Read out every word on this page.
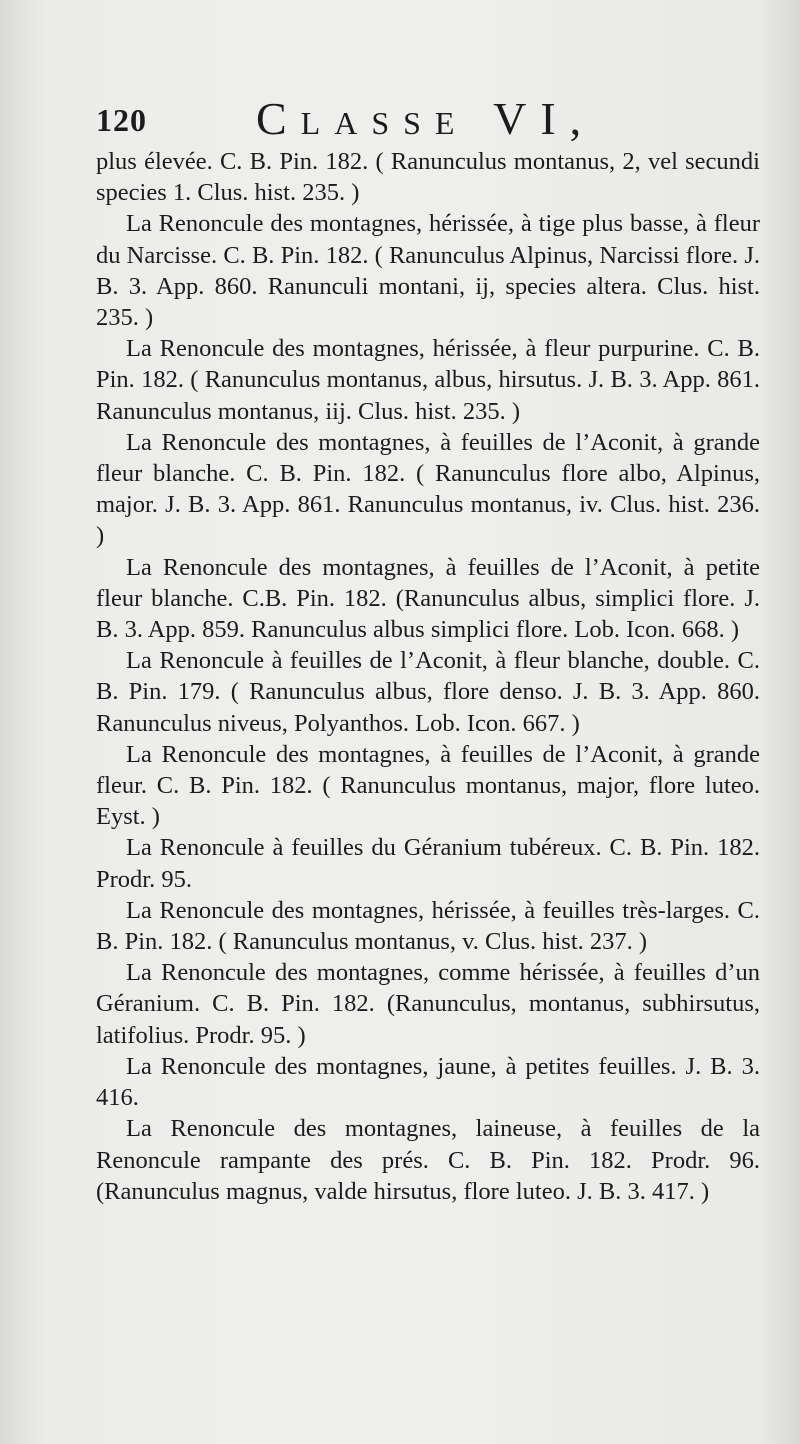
120 Classe VI,

plus élevée. C. B. Pin. 182. ( Ranunculus montanus, 2, vel secundi species 1. Clus. hist. 235. )

La Renoncule des montagnes, hérissée, à tige plus basse, à fleur du Narcisse. C. B. Pin. 182. ( Ranunculus Alpinus, Narcissi flore. J. B. 3. App. 860. Ranunculi montani, ij, species altera. Clus. hist. 235. )

La Renoncule des montagnes, hérissée, à fleur purpurine. C. B. Pin. 182. ( Ranunculus montanus, albus, hirsutus. J. B. 3. App. 861. Ranunculus montanus, iij. Clus. hist. 235. )

La Renoncule des montagnes, à feuilles de l’Aconit, à grande fleur blanche. C. B. Pin. 182. ( Ranunculus flore albo, Alpinus, major. J. B. 3. App. 861. Ranunculus montanus, iv. Clus. hist. 236. )

La Renoncule des montagnes, à feuilles de l’Aconit, à petite fleur blanche. C.B. Pin. 182. (Ranunculus albus, simplici flore. J. B. 3. App. 859. Ranunculus albus simplici flore. Lob. Icon. 668. )

La Renoncule à feuilles de l’Aconit, à fleur blanche, double. C. B. Pin. 179. ( Ranunculus albus, flore denso. J. B. 3. App. 860. Ranunculus niveus, Polyanthos. Lob. Icon. 667. )

La Renoncule des montagnes, à feuilles de l’Aconit, à grande fleur. C. B. Pin. 182. ( Ranunculus montanus, major, flore luteo. Eyst. )

La Renoncule à feuilles du Géranium tubéreux. C. B. Pin. 182. Prodr. 95.

La Renoncule des montagnes, hérissée, à feuilles très-larges. C. B. Pin. 182. ( Ranunculus montanus, v. Clus. hist. 237. )

La Renoncule des montagnes, comme hérissée, à feuilles d’un Géranium. C. B. Pin. 182. (Ranunculus, montanus, subhirsutus, latifolius. Prodr. 95. )

La Renoncule des montagnes, jaune, à petites feuilles. J. B. 3. 416.

La Renoncule des montagnes, laineuse, à feuilles de la Renoncule rampante des prés. C. B. Pin. 182. Prodr. 96. (Ranunculus magnus, valde hirsutus, flore luteo. J. B. 3. 417. )
